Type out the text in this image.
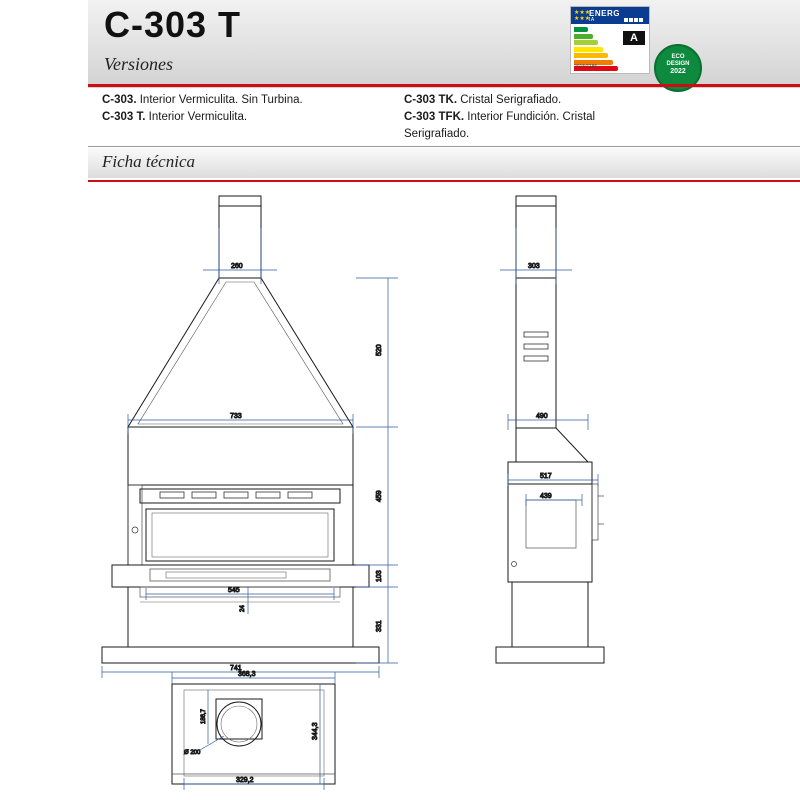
C-303 T
Versiones
★★★
★★★
ENERG
IA
A
2015/1186
ECO
DESIGN
2022
C-303. Interior Vermiculita. Sin Turbina.
C-303 T. Interior Vermiculita.
C-303 TK. Cristal Serigrafiado.
C-303 TFK. Interior Fundición. Cristal
Serigrafiado.
Ficha técnica
260
733
520
459
103
331
545
24
741
303
490
517
439
368,3
186,7
344,3
Ø 200
329,2
